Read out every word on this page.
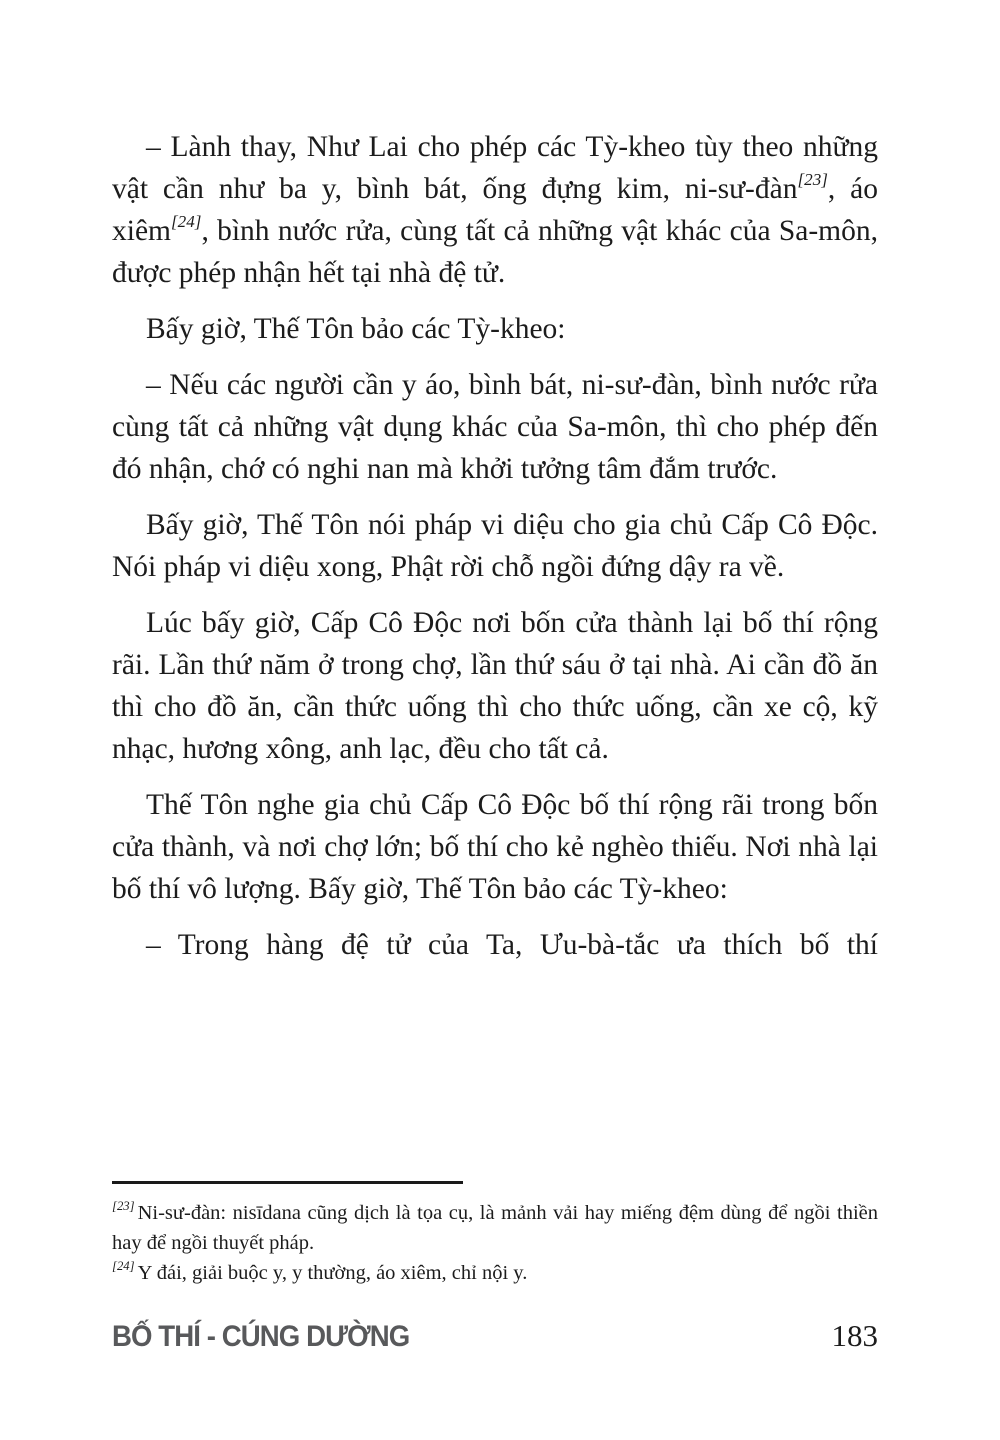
– Lành thay, Như Lai cho phép các Tỳ-kheo tùy theo những vật cần như ba y, bình bát, ống đựng kim, ni-sư-đàn[23], áo xiêm[24], bình nước rửa, cùng tất cả những vật khác của Sa-môn, được phép nhận hết tại nhà đệ tử.

Bấy giờ, Thế Tôn bảo các Tỳ-kheo:

– Nếu các người cần y áo, bình bát, ni-sư-đàn, bình nước rửa cùng tất cả những vật dụng khác của Sa-môn, thì cho phép đến đó nhận, chớ có nghi nan mà khởi tưởng tâm đắm trước.

Bấy giờ, Thế Tôn nói pháp vi diệu cho gia chủ Cấp Cô Độc. Nói pháp vi diệu xong, Phật rời chỗ ngồi đứng dậy ra về.

Lúc bấy giờ, Cấp Cô Độc nơi bốn cửa thành lại bố thí rộng rãi. Lần thứ năm ở trong chợ, lần thứ sáu ở tại nhà. Ai cần đồ ăn thì cho đồ ăn, cần thức uống thì cho thức uống, cần xe cộ, kỹ nhạc, hương xông, anh lạc, đều cho tất cả.

Thế Tôn nghe gia chủ Cấp Cô Độc bố thí rộng rãi trong bốn cửa thành, và nơi chợ lớn; bố thí cho kẻ nghèo thiếu. Nơi nhà lại bố thí vô lượng. Bấy giờ, Thế Tôn bảo các Tỳ-kheo:

– Trong hàng đệ tử của Ta, Ưu-bà-tắc ưa thích bố thí

[23] Ni-sư-đàn: nisīdana cũng dịch là tọa cụ, là mảnh vải hay miếng đệm dùng để ngồi thiền hay để ngồi thuyết pháp.

[24] Y đái, giải buộc y, y thường, áo xiêm, chỉ nội y.

BỐ THÍ - CÚNG DƯỜNG	183
